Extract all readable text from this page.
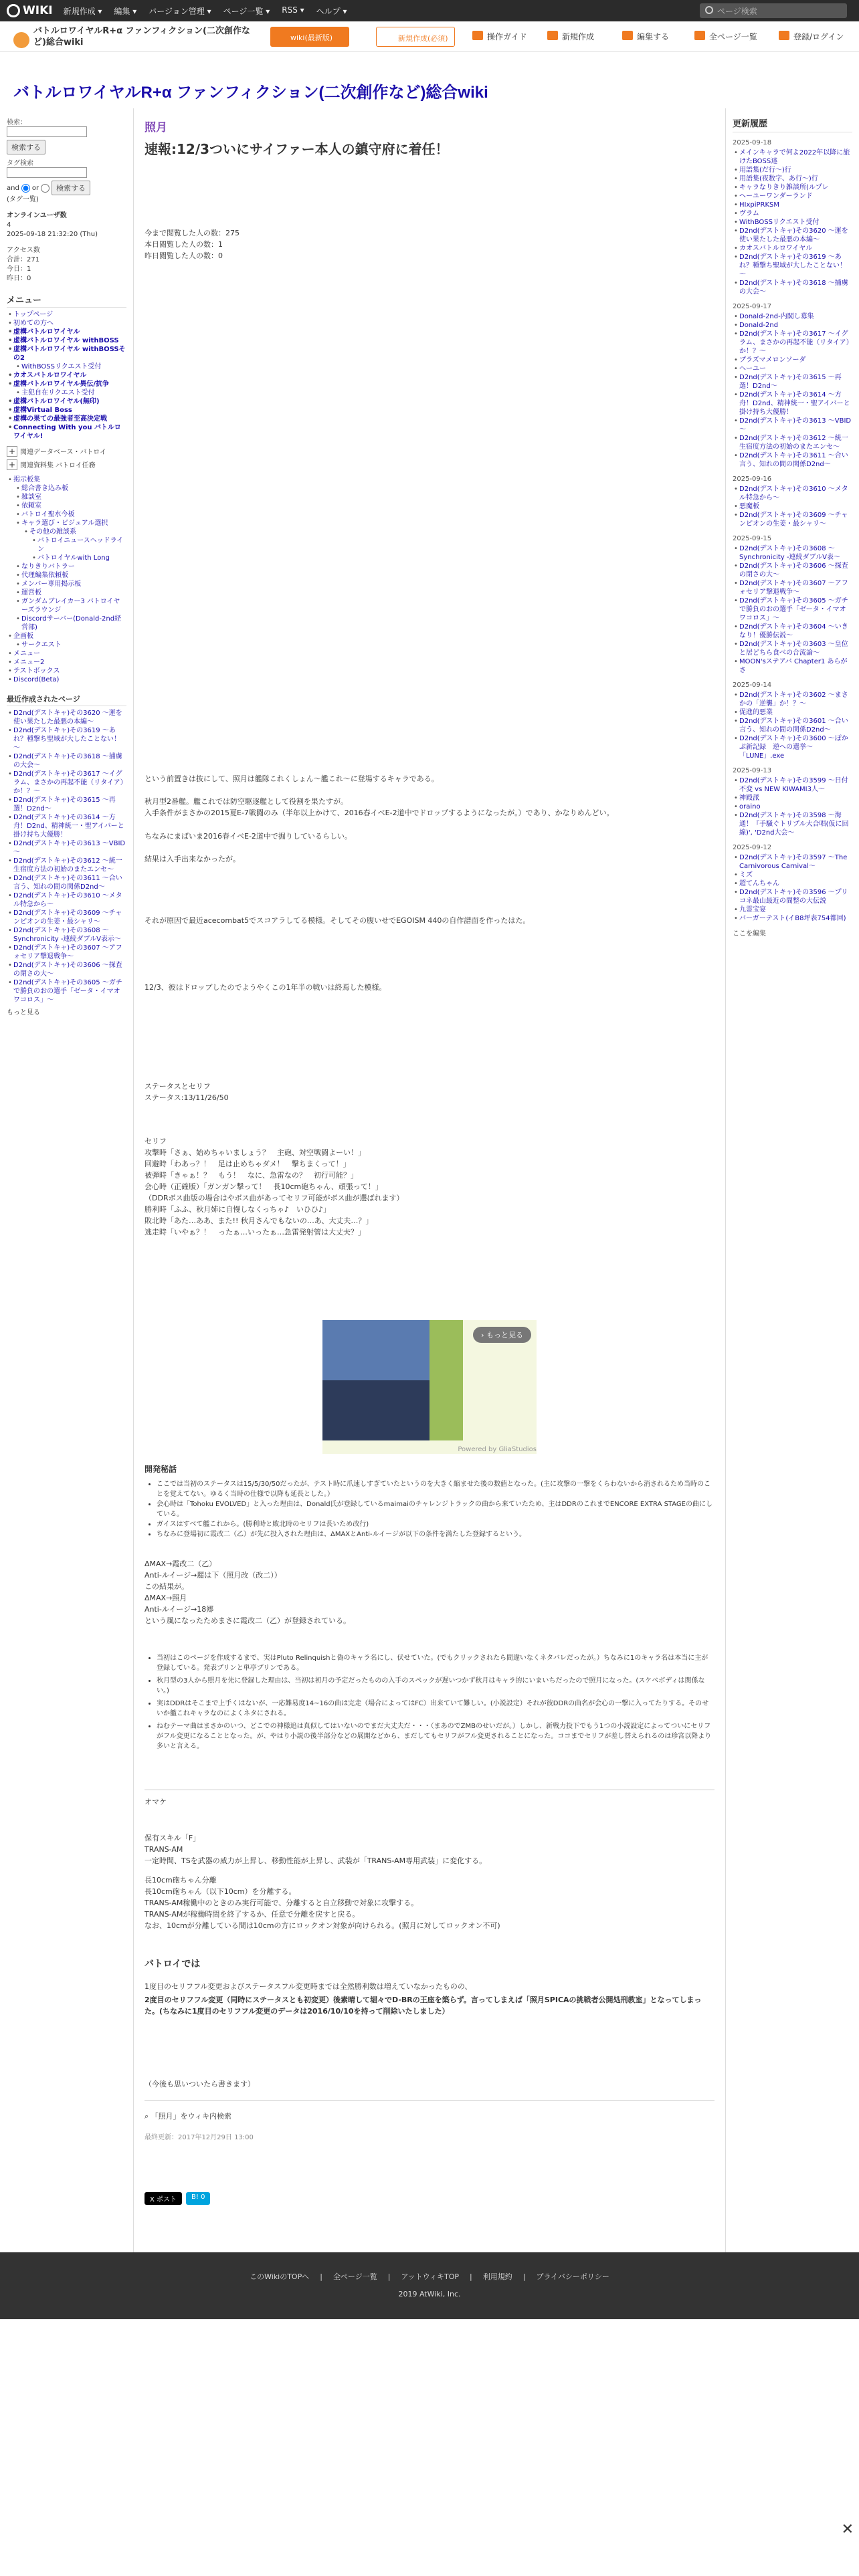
WIKI 新規作成 ▾ 編集 ▾ バージョン管理 ▾ ページ一覧 ▾ RSS ▾ ヘルプ ▾	ページ検索
バトルロワイヤルR+α ファンフィクション(二次創作など)総合wiki	wiki(最新版)	新規作成(必須)	操作ガイド	新規作成	編集する	全ページ一覧	登録/ログイン
バトルロワイヤルR+α ファンフィクション(二次創作など)総合wiki
検索：
検索する
タグ検索
and or	検索する
(タグ一覧)
オンラインユーザ数
4
2025-09-18 21:32:20 (Thu)
アクセス数
合計：271
今日：1
昨日：0
メニュー
• トップページ
• 初めての方へ
• 虚構バトルロワイヤル
• 虚構バトルロワイヤル withBOSS
• 虚構バトルロワイヤル withBOSSその2
• WithBOSSリクエスト受付
• カオスバトルロワイヤル
• 虚構バトルロワイヤル異伝/抗争
• 主犯自在リクエスト受付
• 虚構バトルロワイヤル(無印)
• 虚構Virtual Boss
• 虚構の果ての最強者至高決定戦
• Connecting With you バトルロワイヤル!
+ 関連データベース・バトロイ
+ 関連資料集 バトロイ任務
• 掲示板集
• 総合書き込み板
• 雑談室
• 依頼室
• バトロイ聖水今板
• キャラ選び・ビジュアル選択
• その他の雑談系
• バトロイニュースヘッドライン
• バトロイヤルwith Long
• なりきりバトラー
• 代理編集依頼板
• メンバー専用掲示板
• 運営板
• ガンダムブレイカー3 バトロイヤーズラウンジ
• Discordサーバー(Donald-2nd経営部)
• 企画板
• サークエスト
• メニュー
• メニュー2
• テストボックス
• Discord(Beta)
最近作成されたページ
• D2nd(デストキャ)その3620 ～運を使い果たした最悪の本編～
• D2nd(デストキャ)その3619 ～あれ？種撃ち聖域が大したことない！～
• D2nd(デストキャ)その3618 ～捕虜の大会～
• D2nd(デストキャ)その3617 ～イグラム、まさかの再起不能（リタイア）か！？～
• D2nd(デストキャ)その3615 ～再選！D2nd～
• D2nd(デストキャ)その3614 ～方舟！D2nd、精神統一・聖アイバーと掛け持ち大優勝！
• D2nd(デストキャ)その3613 ～VBID～
• D2nd(デストキャ)その3612 ～統一生宿度方法の初始のまたエンセ～
• D2nd(デストキャ)その3611 ～合い言う、知れの間の関係D2nd～
• D2nd(デストキャ)その3610 ～メタル特急から～
• D2nd(デストキャ)その3609 ～チャンピオンの生姜・最シャリ～
• D2nd(デストキャ)その3608 ～Synchronicity -連続ダブルV表示～
• D2nd(デストキャ)その3607 ～アフォセリア撃退戦争～
• D2nd(デストキャ)その3606 ～探査の閉さの大～
• D2nd(デストキャ)その3605 ～ガチで勝負のおの選手「ゼータ・イマオワコロス」～
もっと見る
照月
速報:12/3ついにサイファー本人の鎮守府に着任！
今まで閲覧した人の数：275
本日閲覧した人の数：1
昨日閲覧した人の数：0
という前置きは抜にして、照月は艦隊これくしょん～艦これ～に登場するキャラである。
秋月型2番艦。艦これでは防空駆逐艦として役割を果たすが。
入手条件がまさかの2015夏E-7戦闘のみ（半年以上かけて、2016春イベE-2道中でドロップするようになったが。）であり、かなりめんどい。
ちなみにまばいま2016春イベE-2道中で掘りしているらしい。
結果は入手出来なかったが。
それが原因で最近acecombat5でスコアラしてる模様。そしてその腹いせでEGOISM 440の自作譜面を作ったはた。
12/3、彼はドロップしたのでようやくこの1年半の戦いは終焉した模様。
ステータスとセリフ
ステータス:13/11/26/50
セリフ
攻撃時「さぁ、始めちゃいましょう？　主砲、対空戦闘よーい！」
回避時「わあっ？！　足は止めちゃダメ！　撃ちまくって！」
被弾時「きゃぁ！？　もう！　なに、急雷なの？　初行可能？」
会心時（正確版）「ガンガン撃って！　長10cm砲ちゃん、頑張って！」
（DDRボス曲版の場合はやボス曲があってセリフ可能がボス曲が選ばれます）
勝利時「ふふ、秋月姉に自慢しなくっちゃ♪　いひひ♪」
敗北時「あた…ああ、また!! 秋月さんでもないの…あ、大丈夫…？」
逃走時「いやぁ？！　ったぁ…いったぁ…急雷発射管は大丈夫？」
› もっと見る
Powered by GliaStudios
開発秘話
• ここでは当初のステータスは15/5/30/50だったが、テスト時に爪速しすぎていたというのを大きく縮ませた後の数値となった。(主に攻撃の一撃をくらわないから消されるため当時のことを覚えてない。ゆるく当時の仕様で以降も延長とした。）
• 会心時は「Tohoku EVOLVED」と入った理由は、Donald氏が登録しているmaimaiのチャレンジトラックの曲から来ていたため、主はDDRのこれまでENCORE EXTRA STAGEの曲にしている。
• ガイスはすべて艦これから。(勝利時と敗北時のセリフは長いため改行)
• ちなみに登場初に霞改二（乙）が先に投入された理由は、ΔMAXとAnti-ルイージが以下の条件を満たした登録するという。
ΔMAX→霞改二（乙）
Anti-ルイージ→麗は下（照月改（改二））
この結果が。
ΔMAX→照月
Anti-ルイージ→18郷
という風になったためまさに霞改二（乙）が登録されている。
• 当初はこのページを作成するまで、実はPluto Relinquishと偽のキャラ名にし、伏せていた。(でもクリックされたら間違いなくネタバレだったが。）ちなみに1のキャラ名は本当に主が登録している。発表プリンと単亭プリンである。
• 秋月型の3人から照月を先に登録した理由は、当初は初月の予定だったものの入手のスペックが遅いつかず秋月はキャラ的にいまいちだったので照月になった。(スケベボディは関係ない。)
• 実はDDRはそこまで上手くはないが、一応難易度14~16の曲は完走（場合によってはFC）出来ていて難しい。(小説設定）それが彼DDRの曲名が会心の一撃に入ってたりする。そのせいか艦これキャラなのによくネタにされる。
• ねむテーマ曲はまさかのいつ、どこでの神様追は真似してはいないのでまだ大丈夫だ・・・（まあのでZMBのせいだが。）しかし、新戦力投下でもう1つの小説設定によってついにセリフがフル変更になることとなった。が、やはり小説の後半部分などの展開などから、まだしてもセリフがフル変更されることになった。ココまでセリフが差し替えられるのは珍宮以降より多いと言える。
オマケ
保有スキル「F」
TRANS-AM
一定時間、TSを武器の威力が上昇し、移動性能が上昇し、武装が「TRANS-AM専用武装」に変化する。
長10cm砲ちゃん分離
長10cm砲ちゃん（以下10cm）を分離する。
TRANS-AM稼働中のときのみ実行可能で、分離すると自立移動で対象に攻撃する。
TRANS-AMが稼働時間を終了するか、任意で分離を戻すと戻る。
なお、10cmが分離している間は10cmの方にロックオン対象が向けられる。(照月に対してロックオン不可)
バトロイでは
1度目のセリフフル変更およびステータスフル変更時までは全然勝利数は増えていなかったものの、
2度目のセリフフル変更（同時にステータスとも初変更）後素晴して堀々でD-BRの王座を築らず。言ってしまえば「照月SPICAの挑戦者公開処刑教室」となってしまった。(ちなみに1度目のセリフフル変更のデータは2016/10/10を持って削除いたしました）
（今後も思いついたら書きます）
⌕ 「照月」をウィキ内検索
最終更新：2017年12月29日 13:00
X ポスト	B! 0
更新履歴
2025-09-18
• メインキャラで何よ2022年以降に旅けたBOSS達
• 用語集(だ行～)行
• 用語集(夜数字、あ行～)行
• キャラなりきり雑談所(ルプレ
• ヘーユーワンダーランド
• HIxpiPRKSM
• ヴラム
• WithBOSSリクエスト受付
• D2nd(デストキャ)その3620 ～運を使い果たした最悪の本編～
• カオスバトルロワイヤル
• D2nd(デストキャ)その3619 ～あれ？種撃ち聖域が大したことない！～
• D2nd(デストキャ)その3618 ～捕虜の大会～
2025-09-17
• Donald-2nd-内閣し募集
• Donald-2nd
• D2nd(デストキャ)その3617 ～イグラム、まさかの再起不能（リタイア）か！？～
• プラズマメロンソーダ
• ヘーユー
• D2nd(デストキャ)その3615 ～再選！D2nd～
• D2nd(デストキャ)その3614 ～方舟！D2nd、精神統一・聖アイバーと掛け持ち大優勝！
• D2nd(デストキャ)その3613 ～VBID～
• D2nd(デストキャ)その3612 ～統一生宿度方法の初始のまたエンセ～
• D2nd(デストキャ)その3611 ～合い言う、知れの間の関係D2nd～
2025-09-16
• D2nd(デストキャ)その3610 ～メタル特急から～
• 悪魔板
• D2nd(デストキャ)その3609 ～チャンピオンの生姜・最シャリ～
2025-09-15
• D2nd(デストキャ)その3608 ～Synchronicity -連続ダブルV表～
• D2nd(デストキャ)その3606 ～探査の閉さの大～
• D2nd(デストキャ)その3607 ～アフォセリア撃退戦争～
• D2nd(デストキャ)その3605 ～ガチで勝負のおの選手「ゼータ・イマオワコロス」～
• D2nd(デストキャ)その3604 ～いきなり！優勝伝説～
• D2nd(デストキャ)その3603 ～皇位と居どちら食べの合流論～
• MOON'sステアバ Chapter1 あらがさ
2025-09-14
• D2nd(デストキャ)その3602 ～まさかの「逆襲」か！？～
• 促進的悪業
• D2nd(デストキャ)その3601 ～合い言う、知れの間の関係D2nd～
• D2nd(デストキャ)その3600 ～ぽかぷ新記録　逆への選挙～「LUNE」.exe
2025-09-13
• D2nd(デストキャ)その3599 ～日付不変 vs NEW KIWAMI3人～
• 神殿派
• oraino
• D2nd(デストキャ)その3598 ～海通！『手騒ぐトリプル大合唱(仮に回線)', 'D2nd大会～
2025-09-12
• D2nd(デストキャ)その3597 ～The Carnivorous Carnival～
• ミズ
• 超てんちゃん
• D2nd(デストキャ)その3596 ～プリコネ最山最近の間整の大伝説
• 九霊宝宴
• バーガーテスト(イB8坪表754都回)
ここを編集
このWikiのTOPへ | 全ページ一覧 | アットウィキTOP | 利用規約 | プライバシーポリシー
2019 AtWiki, Inc.
✕
